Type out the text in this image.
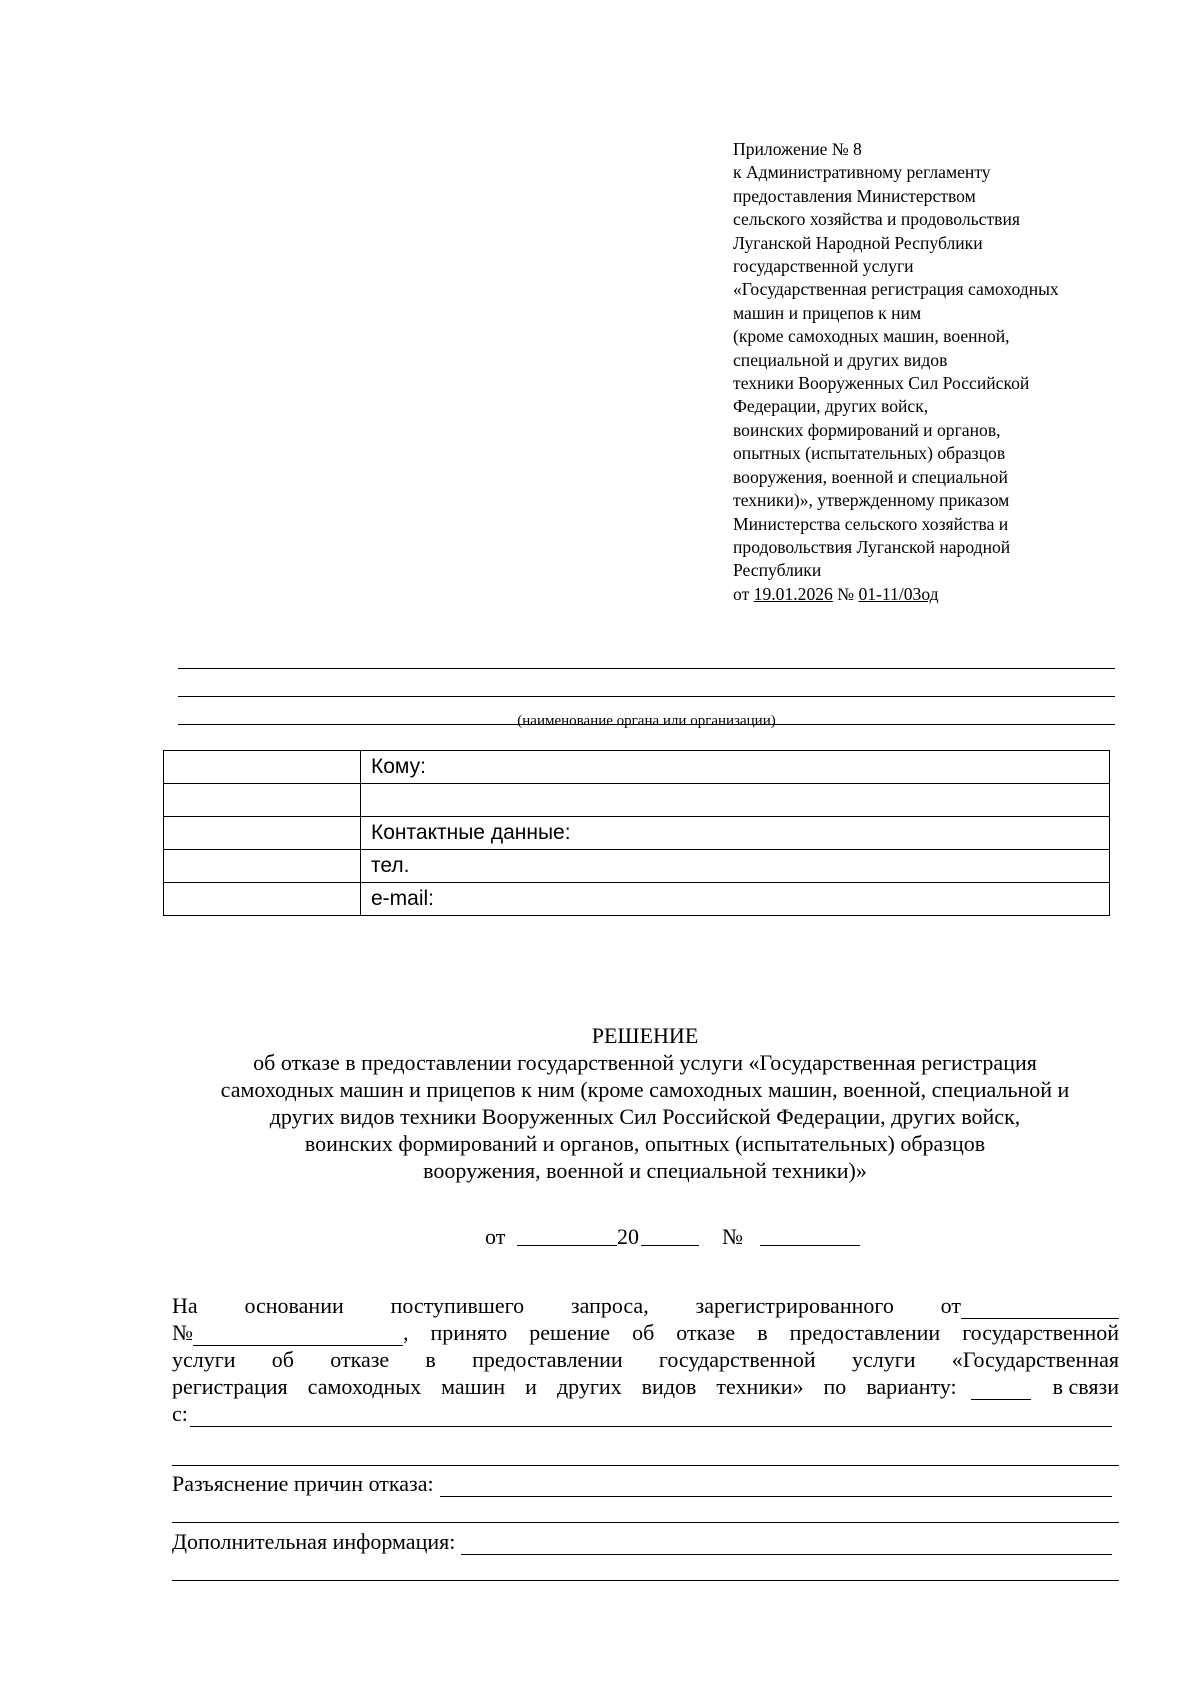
Приложение № 8
к Административному регламенту
предоставления Министерством
сельского хозяйства и продовольствия
Луганской Народной Республики
государственной услуги
«Государственная регистрация самоходных
машин и прицепов к ним
(кроме самоходных машин, военной,
специальной и других видов
техники Вооруженных Сил Российской
Федерации, других войск,
воинских формирований и органов,
опытных (испытательных) образцов
вооружения, военной и специальной
техники)», утвержденному приказом
Министерства сельского хозяйства и
продовольствия Луганской народной
Республики
от 19.01.2026 № 01-11/03од
(наименование органа или организации)
	Кому:

	Контактные данные:
	тел.
	e-mail:
РЕШЕНИЕ
об отказе в предоставлении государственной услуги «Государственная регистрация
самоходных машин и прицепов к ним (кроме самоходных машин, военной, специальной и
других видов техники Вооруженных Сил Российской Федерации, других войск,
воинских формирований и органов, опытных (испытательных) образцов
вооружения, военной и специальной техники)»
от	20	№
На основании поступившего запроса, зарегистрированного от
№	, принято решение об отказе в предоставлении государственной
услуги об отказе в предоставлении государственной услуги «Государственная
регистрация самоходных машин и других видов техники» по варианту:	в связи
с:
Разъяснение причин отказа:
Дополнительная информация:
